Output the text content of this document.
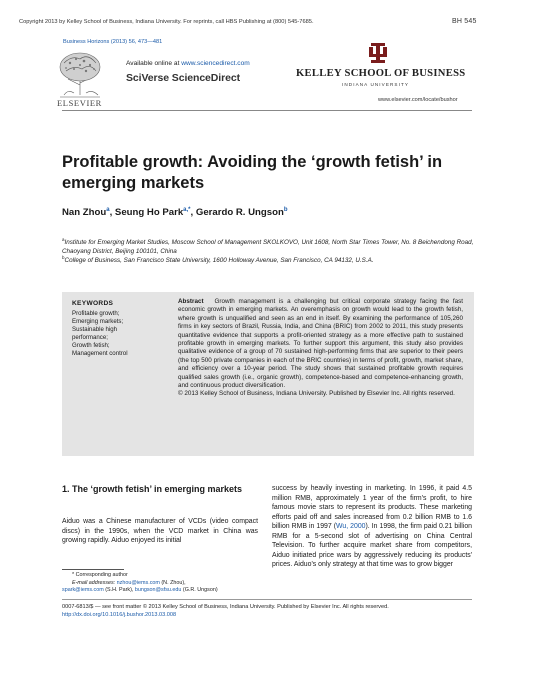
Copyright 2013 by Kelley School of Business, Indiana University. For reprints, call HBS Publishing at (800) 545-7685.	BH 545
Business Horizons (2013) 56, 473—481
ELSEVIER
Available online at www.sciencedirect.com
SciVerse ScienceDirect	KELLEY SCHOOL OF BUSINESS
INDIANA UNIVERSITY
www.elsevier.com/locate/bushor
Profitable growth: Avoiding the ‘growth fetish’ in emerging markets
Nan Zhou$^a$, Seung Ho Park$^{a,*}$, Gerardo R. Ungson$^b$
$^a$Institute for Emerging Market Studies, Moscow School of Management SKOLKOVO, Unit 1608, North Star Times Tower, No. 8 Beichendong Road, Chaoyang District, Beijing 100101, China
$^b$College of Business, San Francisco State University, 1600 Holloway Avenue, San Francisco, CA 94132, U.S.A.
KEYWORDS
Profitable growth;
Emerging markets;
Sustainable high
performance;
Growth fetish;
Management control
Abstract Growth management is a challenging but critical corporate strategy facing the fast economic growth in emerging markets. An overemphasis on growth would lead to the growth fetish, where growth is unqualified and seen as an end in itself. By examining the performance of 105,260 firms in key sectors of Brazil, Russia, India, and China (BRIC) from 2002 to 2011, this study presents quantitative evidence that supports a profit-oriented strategy as a more effective path to sustained profitable growth in emerging markets. To further support this argument, this study also provides qualitative evidence of a group of 70 sustained high-performing firms that are superior to their peers (the top 500 private companies in each of the BRIC countries) in terms of profit, growth, market share, and efficiency over a 10-year period. The study shows that sustained profitable growth requires qualified sales growth (i.e., organic growth), competence-based and competence-enhancing growth, and continuous product diversification.
© 2013 Kelley School of Business, Indiana University. Published by Elsevier Inc. All rights reserved.
1. The ‘growth fetish’ in emerging markets
Aiduo was a Chinese manufacturer of VCDs (video compact discs) in the 1990s, when the VCD market in China was growing rapidly. Aiduo enjoyed its initial
success by heavily investing in marketing. In 1996, it paid 4.5 million RMB, approximately 1 year of the firm's profit, to hire famous movie stars to represent its products. These marketing efforts paid off and sales increased from 0.2 billion RMB to 1.6 billion RMB in 1997 (Wu, 2000). In 1998, the firm paid 0.21 billion RMB for a 5-second slot of advertising on China Central Television. To further acquire market share from competitors, Aiduo initiated price wars by aggressively reducing its products' prices. Aiduo's only strategy at that time was to grow bigger
* Corresponding author
E-mail addresses: nzhou@iems.com (N. Zhou),
spark@iems.com (S.H. Park), bungson@sfsu.edu (G.R. Ungson)
0007-6813/$ — see front matter © 2013 Kelley School of Business, Indiana University. Published by Elsevier Inc. All rights reserved.
http://dx.doi.org/10.1016/j.bushor.2013.03.008
